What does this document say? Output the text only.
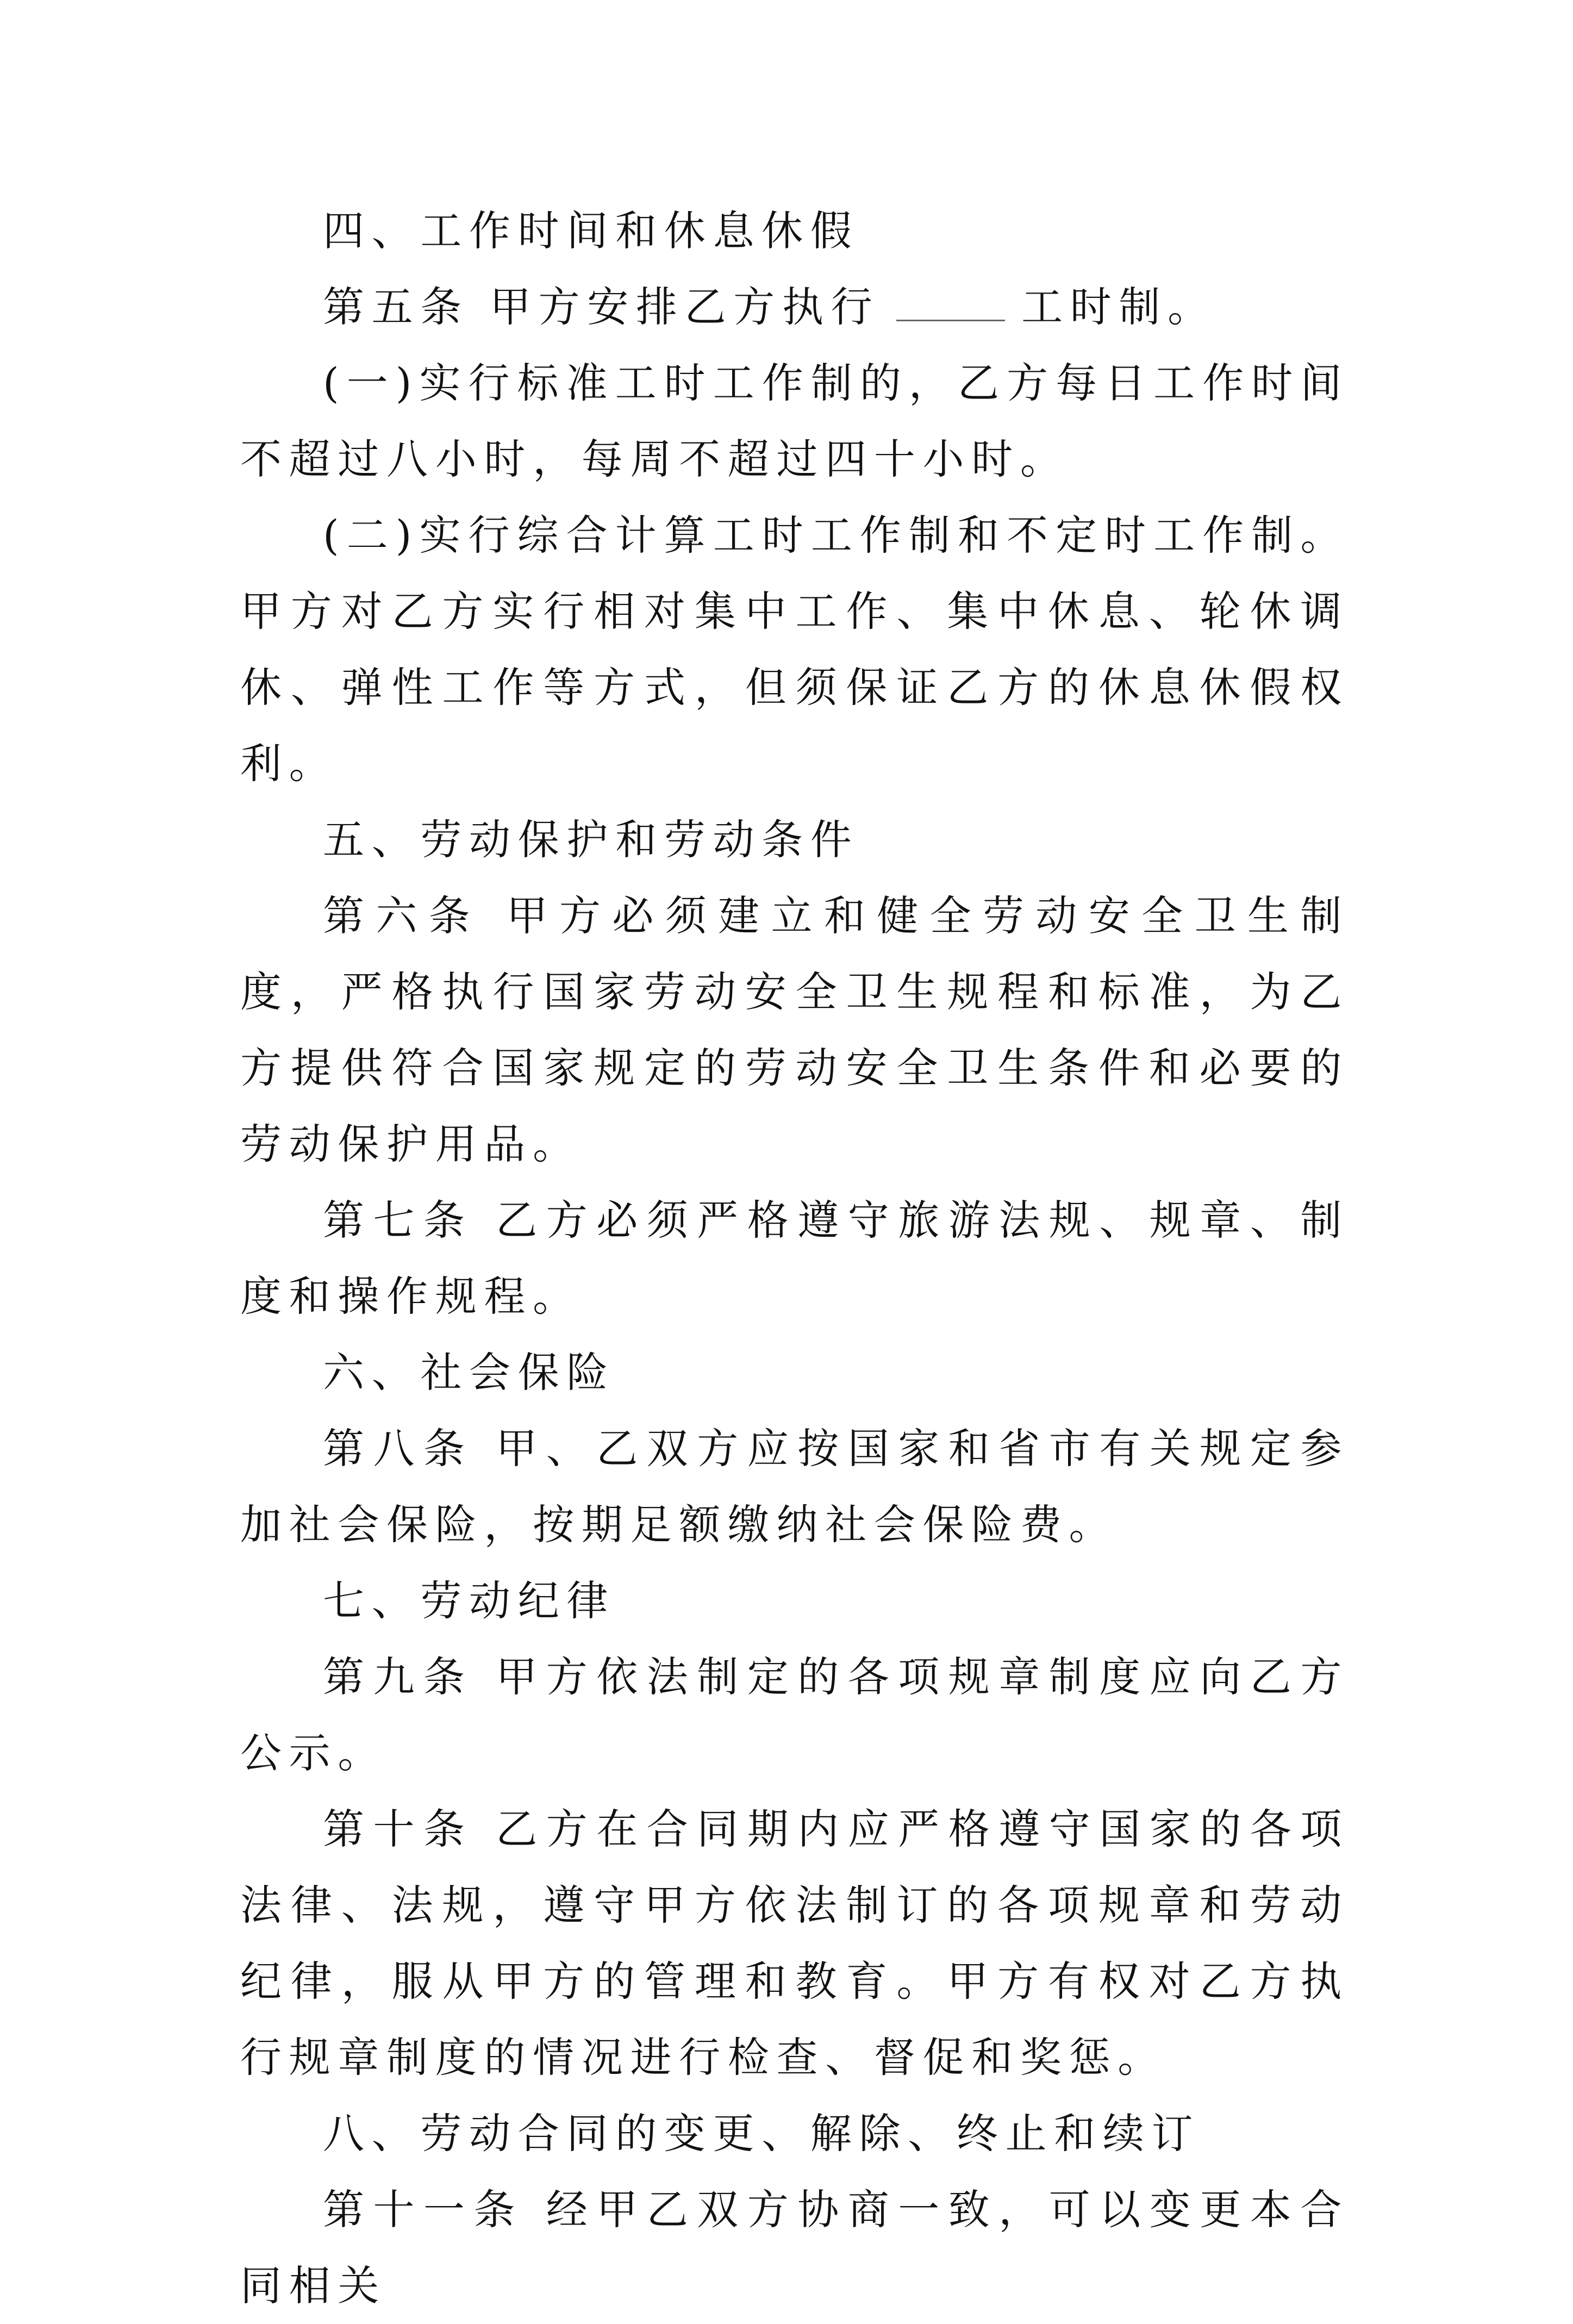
四、工作时间和休息休假

第五条 甲方安排乙方执行	工时制。

(一)实行标准工时工作制的，乙方每日工作时间不超过八小时，每周不超过四十小时。

(二)实行综合计算工时工作制和不定时工作制。甲方对乙方实行相对集中工作、集中休息、轮休调休、弹性工作等方式，但须保证乙方的休息休假权利。

五、劳动保护和劳动条件

第六条 甲方必须建立和健全劳动安全卫生制度，严格执行国家劳动安全卫生规程和标准，为乙方提供符合国家规定的劳动安全卫生条件和必要的劳动保护用品。

第七条 乙方必须严格遵守旅游法规、规章、制度和操作规程。

六、社会保险

第八条 甲、乙双方应按国家和省市有关规定参加社会保险，按期足额缴纳社会保险费。

七、劳动纪律

第九条 甲方依法制定的各项规章制度应向乙方公示。

第十条 乙方在合同期内应严格遵守国家的各项法律、法规，遵守甲方依法制订的各项规章和劳动纪律，服从甲方的管理和教育。甲方有权对乙方执行规章制度的情况进行检查、督促和奖惩。

八、劳动合同的变更、解除、终止和续订

第十一条 经甲乙双方协商一致，可以变更本合同相关
